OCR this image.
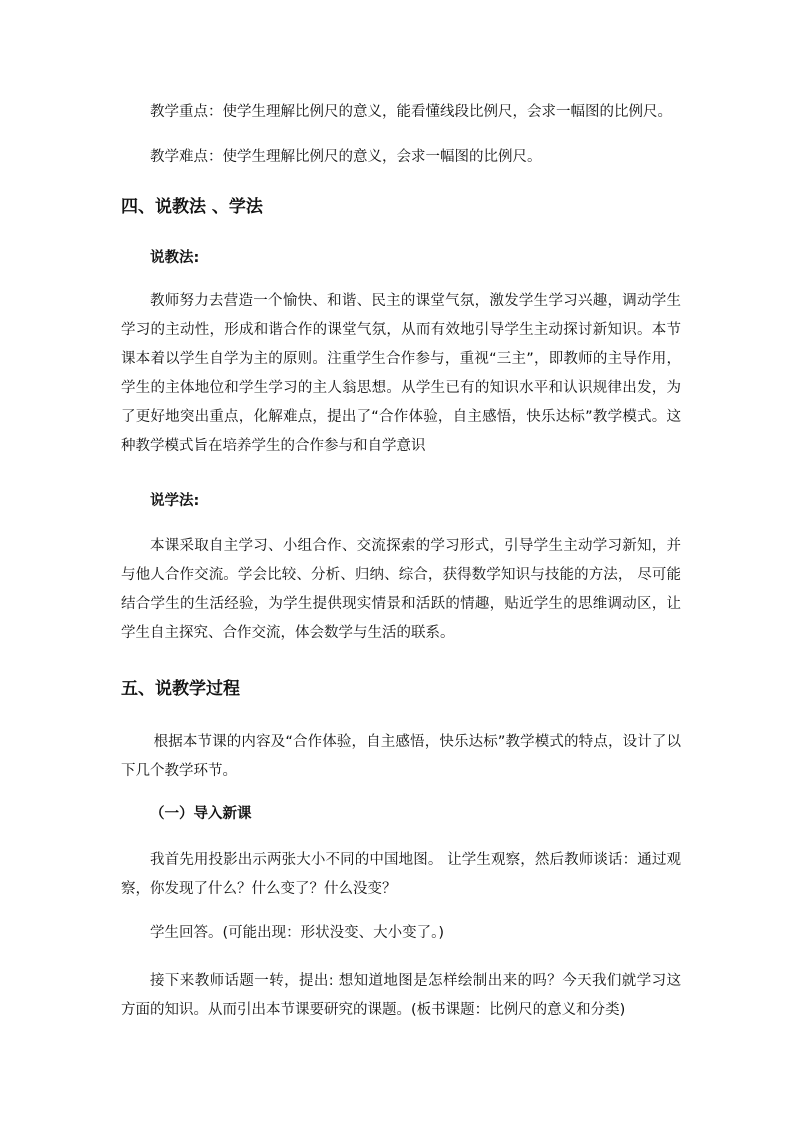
教学重点：使学生理解比例尺的意义，能看懂线段比例尺，会求一幅图的比例尺。

教学难点：使学生理解比例尺的意义，会求一幅图的比例尺。

四、说教法 、学法
说教法:

教师努力去营造一个愉快、和谐、民主的课堂气氛，激发学生学习兴趣，调动学生学习的主动性，形成和谐合作的课堂气氛，从而有效地引导学生主动探讨新知识。本节课本着以学生自学为主的原则。注重学生合作参与，重视“三主”，即教师的主导作用，学生的主体地位和学生学习的主人翁思想。从学生已有的知识水平和认识规律出发，为了更好地突出重点，化解难点，提出了“合作体验，自主感悟，快乐达标”教学模式。这种教学模式旨在培养学生的合作参与和自学意识

说学法:

本课采取自主学习、小组合作、交流探索的学习形式，引导学生主动学习新知，并与他人合作交流。学会比较、分析、归纳、综合，获得数学知识与技能的方法， 尽可能结合学生的生活经验，为学生提供现实情景和活跃的情趣，贴近学生的思维调动区，让学生自主探究、合作交流，体会数学与生活的联系。

五、说教学过程

根据本节课的内容及“合作体验，自主感悟，快乐达标”教学模式的特点，设计了以下几个教学环节。

（一）导入新课

我首先用投影出示两张大小不同的中国地图。 让学生观察，然后教师谈话：通过观察，你发现了什么？什么变了？什么没变？

学生回答。(可能出现：形状没变、大小变了。)

接下来教师话题一转，提出: 想知道地图是怎样绘制出来的吗？今天我们就学习这方面的知识。从而引出本节课要研究的课题。(板书课题：比例尺的意义和分类)
